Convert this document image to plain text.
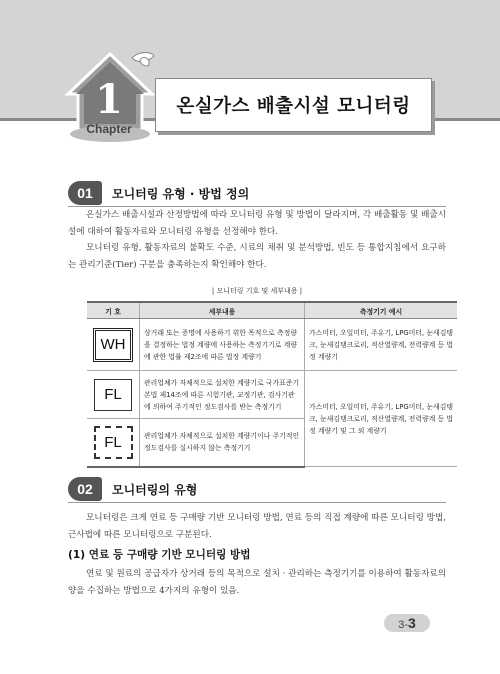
1
Chapter
온실가스 배출시설 모니터링
01	모니터링 유형 · 방법 정의
온실가스 배출시설과 산정방법에 따라 모니터링 유형 및 방법이 달라지며, 각 배출활동 및 배출시설에 대하여 활동자료와 모니터링 유형을 선정해야 한다.
모니터링 유형, 활동자료의 불확도 수준, 시료의 채취 및 분석방법, 빈도 등 통합지침에서 요구하는 관리기준(Tier) 구분을 충족하는지 확인해야 한다.
| 모니터링 기호 및 세부내용 |
기 호	세부내용	측정기기 예시
WH	상거래 또는 증명에 사용하기 위한 목적으로 측정량을 결정하는 법정 계량에 사용하는 측정기기로 계량에 관한 법률 제2조에 따른 법정 계량기	가스미터, 오일미터, 주유기, LPG미터, 눈새김탱크, 눈새김탱크로리, 적산열량계, 전력량계 등 법정 계량기
FL	관리업체가 자체적으로 설치한 계량기로 국가표준기본법 제14조에 따른 시험기관, 교정기관, 검사기관에 의하여 주기적인 정도검사를 받는 측정기기	가스미터, 오일미터, 주유기, LPG미터, 눈새김탱크, 눈새김탱크로리, 적산열량계, 전력량계 등 법정 계량기 및 그 외 계량기
FL	관리업체가 자체적으로 설치한 계량기이나 주기적인 정도검사를 실시하지 않는 측정기기	
02	모니터링의 유형
모니터링은 크게 연료 등 구매량 기반 모니터링 방법, 연료 등의 직접 계량에 따른 모니터링 방법, 근사법에 따른 모니터링으로 구분된다.
(1) 연료 등 구매량 기반 모니터링 방법
연료 및 원료의 공급자가 상거래 등의 목적으로 설치 · 관리하는 측정기기를 이용하여 활동자료의 양을 수집하는 방법으로 4가지의 유형이 있음.
3-3
